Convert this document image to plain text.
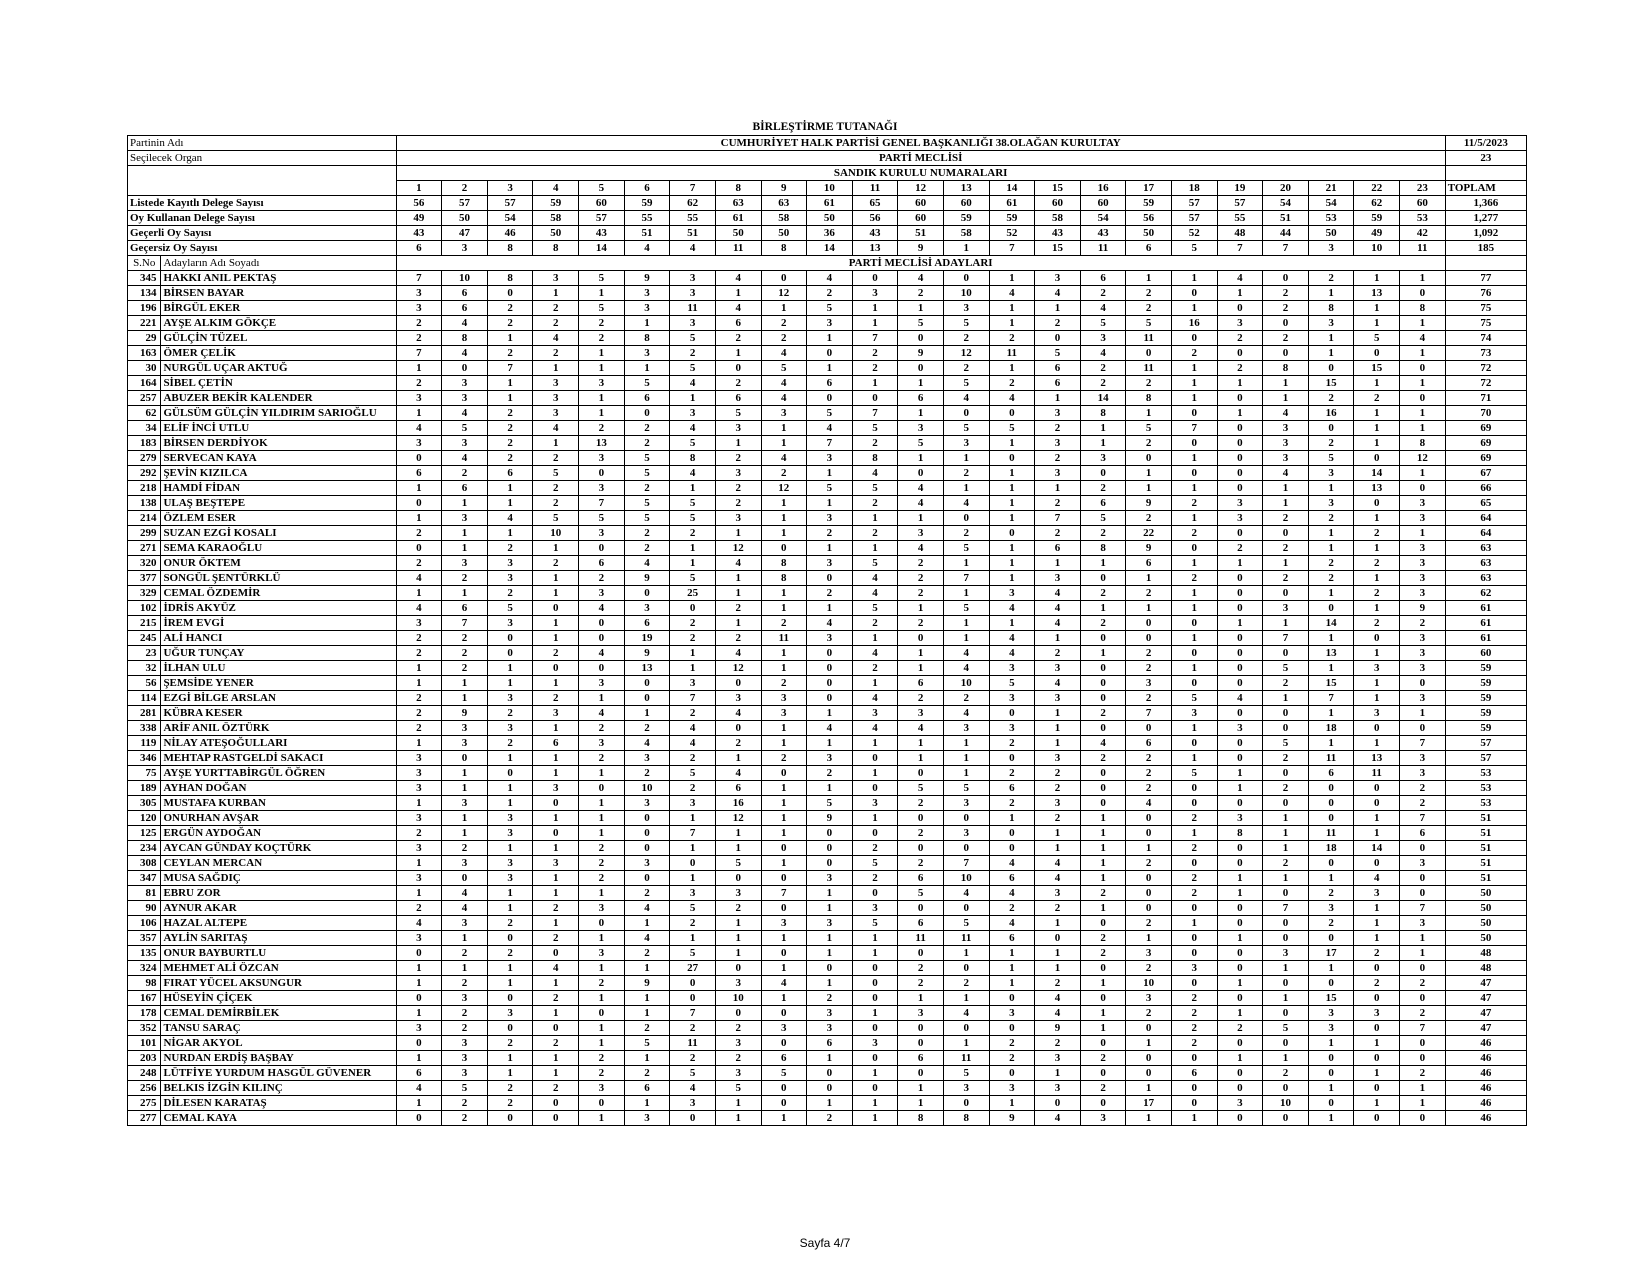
BİRLEŞTİRME TUTANAĞI
Partinin Adı		CUMHURİYET HALK PARTİSİ GENEL BAŞKANLIĞI 38.OLAĞAN KURULTAY																							11/5/2023
Seçilecek Organ		PARTİ MECLİSİ																							23
		SANDIK KURULU NUMARALARI																							
		1	2	3	4	5	6	7	8	9	10	11	12	13	14	15	16	17	18	19	20	21	22	23	TOPLAM
Listede Kayıtlı Delege Sayısı		56	57	57	59	60	59	62	63	63	61	65	60	60	61	60	60	59	57	57	54	54	62	60	1,366
Oy Kullanan Delege Sayısı		49	50	54	58	57	55	55	61	58	50	56	60	59	59	58	54	56	57	55	51	53	59	53	1,277
Geçerli Oy Sayısı		43	47	46	50	43	51	51	50	50	36	43	51	58	52	43	43	50	52	48	44	50	49	42	1,092
Geçersiz Oy Sayısı		6	3	8	8	14	4	4	11	8	14	13	9	1	7	15	11	6	5	7	7	3	10	11	185
S.No	Adayların Adı Soyadı	PARTİ MECLİSİ ADAYLARI																							
345	HAKKI ANIL PEKTAŞ	7	10	8	3	5	9	3	4	0	4	0	4	0	1	3	6	1	1	4	0	2	1	1	77
134	BİRSEN BAYAR	3	6	0	1	1	3	3	1	12	2	3	2	10	4	4	2	2	0	1	2	1	13	0	76
196	BİRGÜL EKER	3	6	2	2	5	3	11	4	1	5	1	1	3	1	1	4	2	1	0	2	8	1	8	75
221	AYŞE ALKIM GÖKÇE	2	4	2	2	2	1	3	6	2	3	1	5	5	1	2	5	5	16	3	0	3	1	1	75
29	GÜLÇİN TÜZEL	2	8	1	4	2	8	5	2	2	1	7	0	2	2	0	3	11	0	2	2	1	5	4	74
163	ÖMER ÇELİK	7	4	2	2	1	3	2	1	4	0	2	9	12	11	5	4	0	2	0	0	1	0	1	73
30	NURGÜL UÇAR AKTUĞ	1	0	7	1	1	1	5	0	5	1	2	0	2	1	6	2	11	1	2	8	0	15	0	72
164	SİBEL ÇETİN	2	3	1	3	3	5	4	2	4	6	1	1	5	2	6	2	2	1	1	1	15	1	1	72
257	ABUZER BEKİR KALENDER	3	3	1	3	1	6	1	6	4	0	0	6	4	4	1	14	8	1	0	1	2	2	0	71
62	GÜLSÜM GÜLÇİN YILDIRIM SARIOĞLU	1	4	2	3	1	0	3	5	3	5	7	1	0	0	3	8	1	0	1	4	16	1	1	70
34	ELİF İNCİ UTLU	4	5	2	4	2	2	4	3	1	4	5	3	5	5	2	1	5	7	0	3	0	1	1	69
183	BİRSEN DERDİYOK	3	3	2	1	13	2	5	1	1	7	2	5	3	1	3	1	2	0	0	3	2	1	8	69
279	SERVECAN KAYA	0	4	2	2	3	5	8	2	4	3	8	1	1	0	2	3	0	1	0	3	5	0	12	69
292	ŞEVİN KIZILCA	6	2	6	5	0	5	4	3	2	1	4	0	2	1	3	0	1	0	0	4	3	14	1	67
218	HAMDİ FİDAN	1	6	1	2	3	2	1	2	12	5	5	4	1	1	1	2	1	1	0	1	1	13	0	66
138	ULAŞ BEŞTEPE	0	1	1	2	7	5	5	2	1	1	2	4	4	1	2	6	9	2	3	1	3	0	3	65
214	ÖZLEM ESER	1	3	4	5	5	5	5	3	1	3	1	1	0	1	7	5	2	1	3	2	2	1	3	64
299	SUZAN EZGİ KOSALI	2	1	1	10	3	2	2	1	1	2	2	3	2	0	2	2	22	2	0	0	1	2	1	64
271	SEMA KARAOĞLU	0	1	2	1	0	2	1	12	0	1	1	4	5	1	6	8	9	0	2	2	1	1	3	63
320	ONUR ÖKTEM	2	3	3	2	6	4	1	4	8	3	5	2	1	1	1	1	6	1	1	1	2	2	3	63
377	SONGÜL ŞENTÜRKLÜ	4	2	3	1	2	9	5	1	8	0	4	2	7	1	3	0	1	2	0	2	2	1	3	63
329	CEMAL ÖZDEMİR	1	1	2	1	3	0	25	1	1	2	4	2	1	3	4	2	2	1	0	0	1	2	3	62
102	İDRİS AKYÜZ	4	6	5	0	4	3	0	2	1	1	5	1	5	4	4	1	1	1	0	3	0	1	9	61
215	İREM EVGİ	3	7	3	1	0	6	2	1	2	4	2	2	1	1	4	2	0	0	1	1	14	2	2	61
245	ALİ HANCI	2	2	0	1	0	19	2	2	11	3	1	0	1	4	1	0	0	1	0	7	1	0	3	61
23	UĞUR TUNÇAY	2	2	0	2	4	9	1	4	1	0	4	1	4	4	2	1	2	0	0	0	13	1	3	60
32	İLHAN ULU	1	2	1	0	0	13	1	12	1	0	2	1	4	3	3	0	2	1	0	5	1	3	3	59
56	ŞEMSİDE YENER	1	1	1	1	3	0	3	0	2	0	1	6	10	5	4	0	3	0	0	2	15	1	0	59
114	EZGİ BİLGE ARSLAN	2	1	3	2	1	0	7	3	3	0	4	2	2	3	3	0	2	5	4	1	7	1	3	59
281	KÜBRA KESER	2	9	2	3	4	1	2	4	3	1	3	3	4	0	1	2	7	3	0	0	1	3	1	59
338	ARİF ANIL ÖZTÜRK	2	3	3	1	2	2	4	0	1	4	4	4	3	3	1	0	0	1	3	0	18	0	0	59
119	NİLAY ATEŞOĞULLARI	1	3	2	6	3	4	4	2	1	1	1	1	1	2	1	4	6	0	0	5	1	1	7	57
346	MEHTAP RASTGELDİ SAKACI	3	0	1	1	2	3	2	1	2	3	0	1	1	0	3	2	2	1	0	2	11	13	3	57
75	AYŞE YURTTABİRGÜL ÖĞREN	3	1	0	1	1	2	5	4	0	2	1	0	1	2	2	0	2	5	1	0	6	11	3	53
189	AYHAN DOĞAN	3	1	1	3	0	10	2	6	1	1	0	5	5	6	2	0	2	0	1	2	0	0	2	53
305	MUSTAFA KURBAN	1	3	1	0	1	3	3	16	1	5	3	2	3	2	3	0	4	0	0	0	0	0	2	53
120	ONURHAN AVŞAR	3	1	3	1	1	0	1	12	1	9	1	0	0	1	2	1	0	2	3	1	0	1	7	51
125	ERGÜN AYDOĞAN	2	1	3	0	1	0	7	1	1	0	0	2	3	0	1	1	0	1	8	1	11	1	6	51
234	AYCAN GÜNDAY KOÇTÜRK	3	2	1	1	2	0	1	1	0	0	2	0	0	0	1	1	1	2	0	1	18	14	0	51
308	CEYLAN MERCAN	1	3	3	3	2	3	0	5	1	0	5	2	7	4	4	1	2	0	0	2	0	0	3	51
347	MUSA SAĞDIÇ	3	0	3	1	2	0	1	0	0	3	2	6	10	6	4	1	0	2	1	1	1	4	0	51
81	EBRU ZOR	1	4	1	1	1	2	3	3	7	1	0	5	4	4	3	2	0	2	1	0	2	3	0	50
90	AYNUR AKAR	2	4	1	2	3	4	5	2	0	1	3	0	0	2	2	1	0	0	0	7	3	1	7	50
106	HAZAL ALTEPE	4	3	2	1	0	1	2	1	3	3	5	6	5	4	1	0	2	1	0	0	2	1	3	50
357	AYLİN SARITAŞ	3	1	0	2	1	4	1	1	1	1	1	11	11	6	0	2	1	0	1	0	0	1	1	50
135	ONUR BAYBURTLU	0	2	2	0	3	2	5	1	0	1	1	0	1	1	1	2	3	0	0	3	17	2	1	48
324	MEHMET ALİ ÖZCAN	1	1	1	4	1	1	27	0	1	0	0	2	0	1	1	0	2	3	0	1	1	0	0	48
98	FIRAT YÜCEL AKSUNGUR	1	2	1	1	2	9	0	3	4	1	0	2	2	1	2	1	10	0	1	0	0	2	2	47
167	HÜSEYİN ÇİÇEK	0	3	0	2	1	1	0	10	1	2	0	1	1	0	4	0	3	2	0	1	15	0	0	47
178	CEMAL DEMİRBİLEK	1	2	3	1	0	1	7	0	0	3	1	3	4	3	4	1	2	2	1	0	3	3	2	47
352	TANSU SARAÇ	3	2	0	0	1	2	2	2	3	3	0	0	0	0	9	1	0	2	2	5	3	0	7	47
101	NİGAR AKYOL	0	3	2	2	1	5	11	3	0	6	3	0	1	2	2	0	1	2	0	0	1	1	0	46
203	NURDAN ERDİŞ BAŞBAY	1	3	1	1	2	1	2	2	6	1	0	6	11	2	3	2	0	0	1	1	0	0	0	46
248	LÜTFİYE YURDUM HASGÜL GÜVENER	6	3	1	1	2	2	5	3	5	0	1	0	5	0	1	0	0	6	0	2	0	1	2	46
256	BELKIS İZGİN KILINÇ	4	5	2	2	3	6	4	5	0	0	0	1	3	3	3	2	1	0	0	0	1	0	1	46
275	DİLESEN KARATAŞ	1	2	2	0	0	1	3	1	0	1	1	1	0	1	0	0	17	0	3	10	0	1	1	46
277	CEMAL KAYA	0	2	0	0	1	3	0	1	1	2	1	8	8	9	4	3	1	1	0	0	1	0	0	46
Sayfa 4/7
